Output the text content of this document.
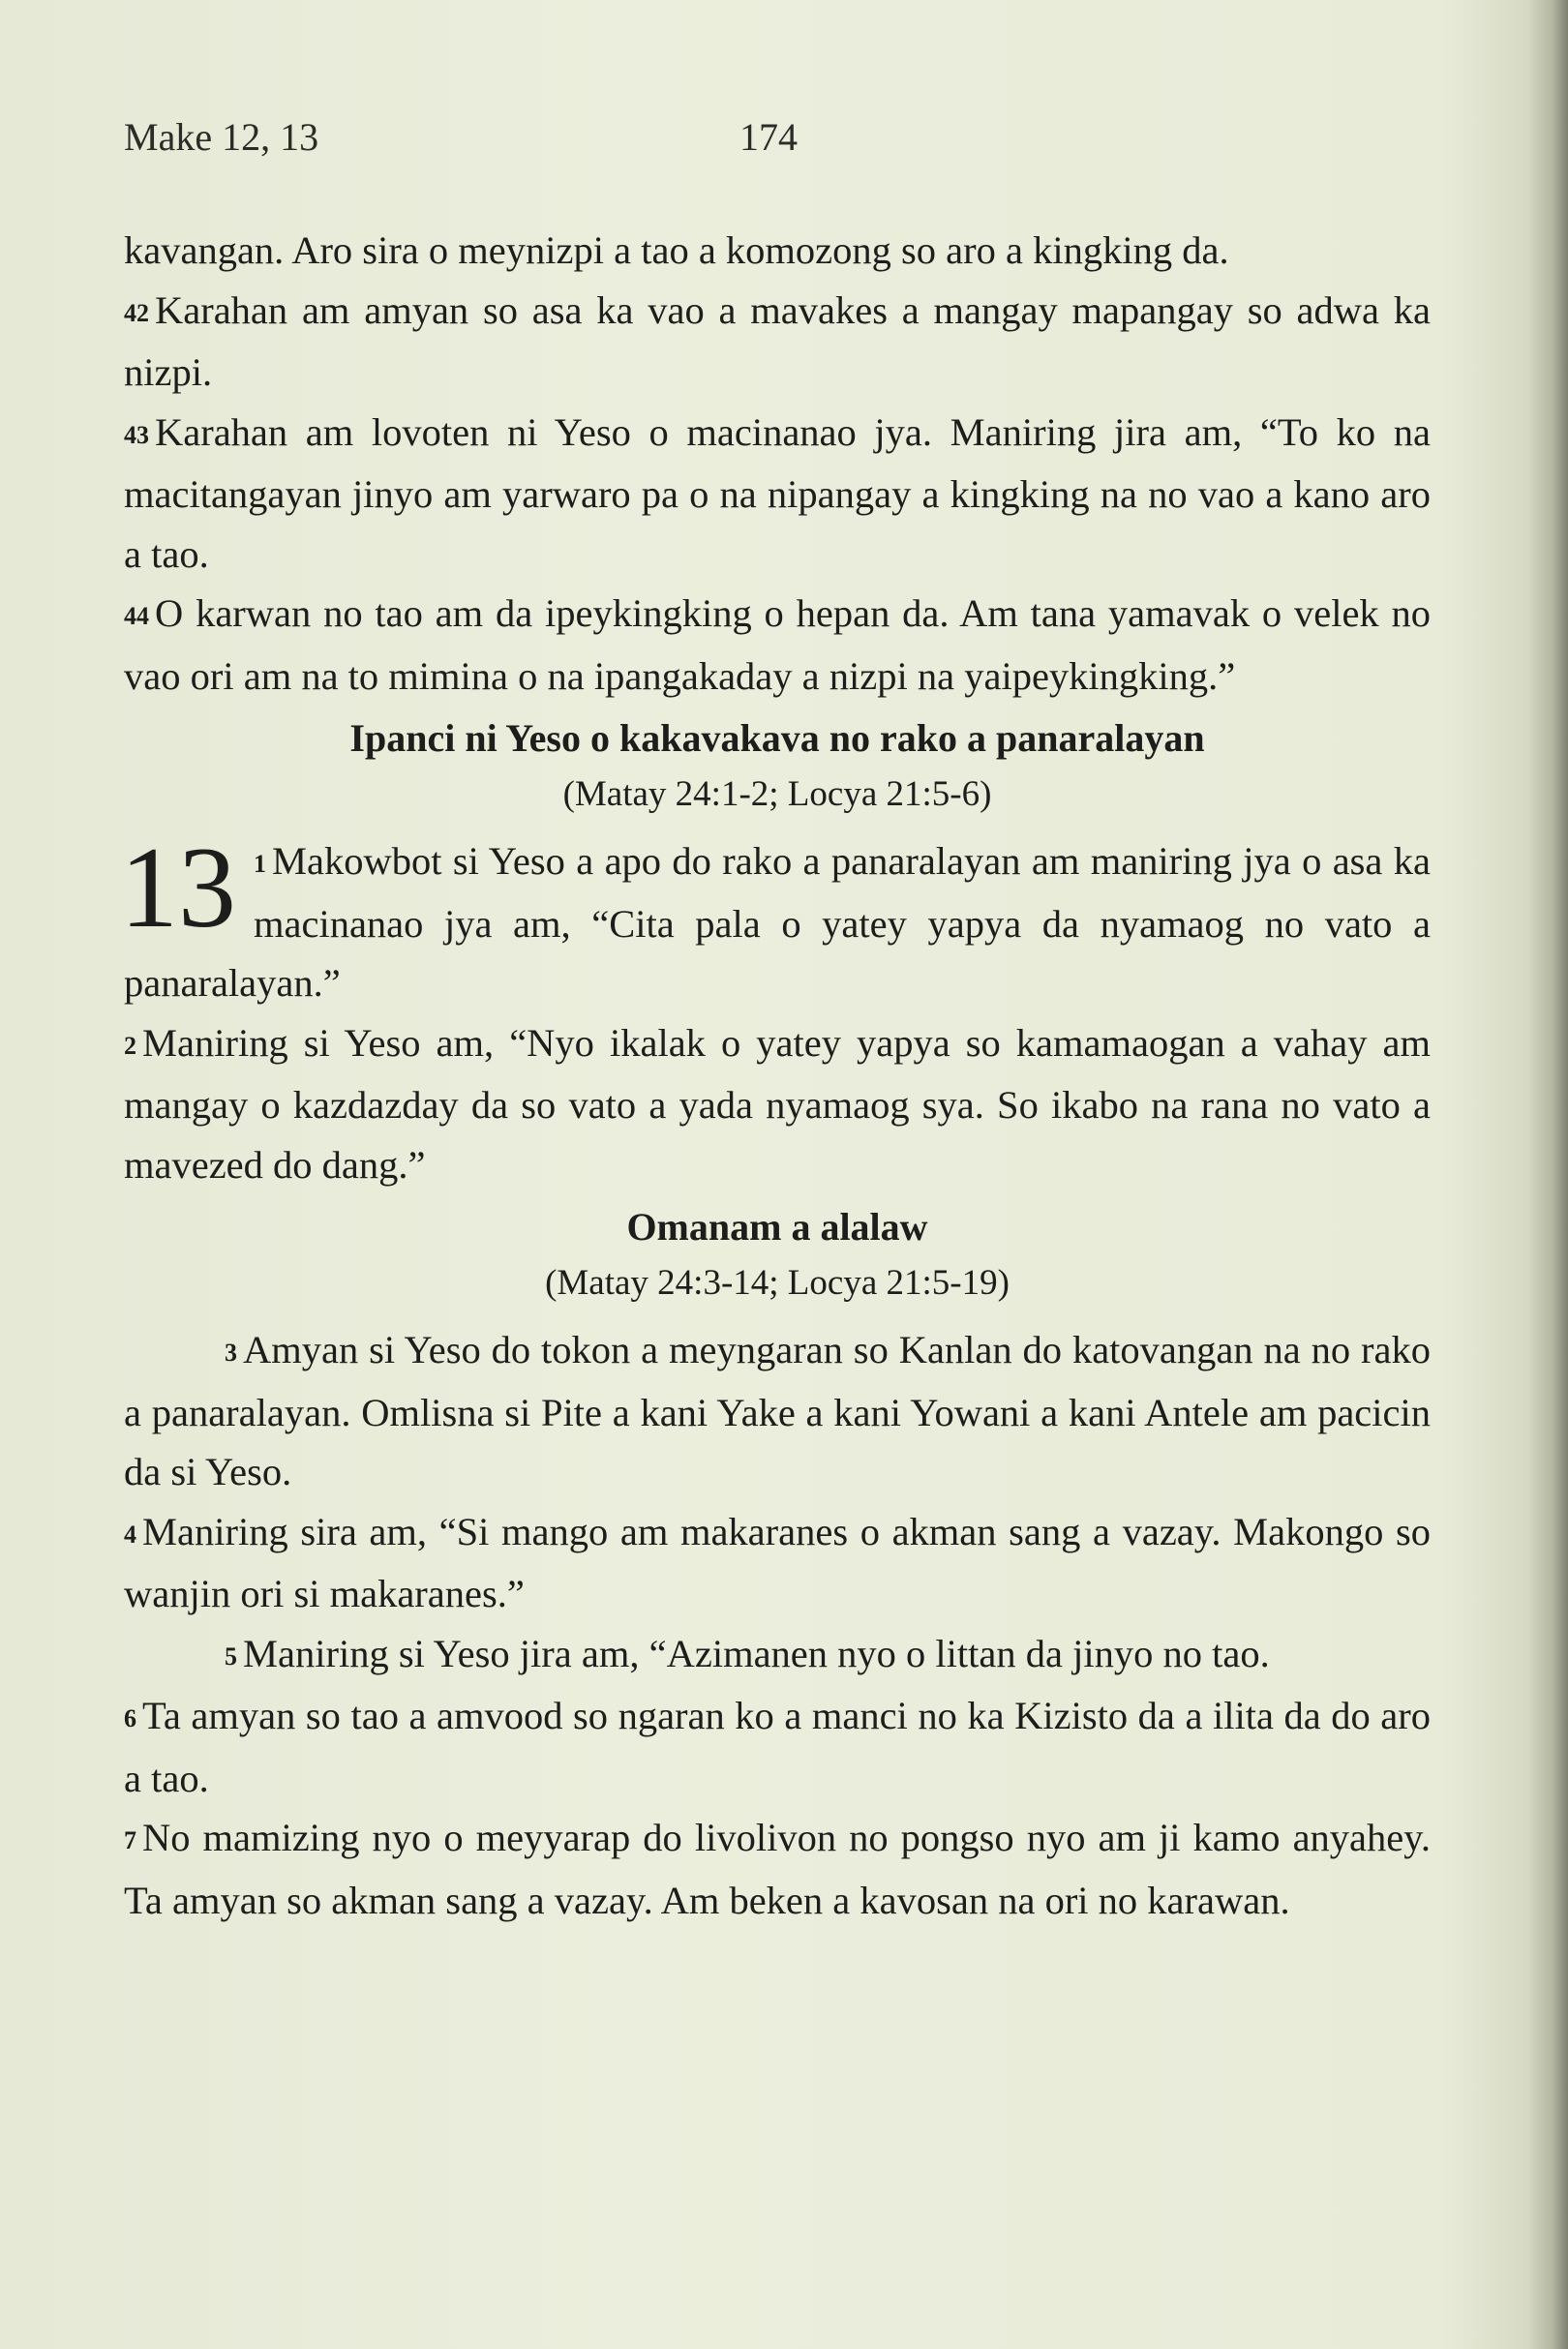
Make 12, 13	174

kavangan. Aro sira o meynizpi a tao a komozong so aro a kingking da.

42 Karahan am amyan so asa ka vao a mavakes a mangay mapangay so adwa ka nizpi.

43 Karahan am lovoten ni Yeso o macinanao jya. Maniring jira am, “To ko na macitangayan jinyo am yarwaro pa o na nipangay a kingking na no vao a kano aro a tao.

44 O karwan no tao am da ipeykingking o hepan da. Am tana yamavak o velek no vao ori am na to mimina o na ipangakaday a nizpi na yaipeykingking.”

Ipanci ni Yeso o kakavakava no rako a panaralayan
(Matay 24:1-2; Locya 21:5-6)
13 1 Makowbot si Yeso a apo do rako a panaralayan am maniring jya o asa ka macinanao jya am, “Cita pala o yatey yapya da nyamaog no vato a panaralayan.”

2 Maniring si Yeso am, “Nyo ikalak o yatey yapya so kamamaogan a vahay am mangay o kazdazday da so vato a yada nyamaog sya. So ikabo na rana no vato a mavezed do dang.”

Omanam a alalaw
(Matay 24:3-14; Locya 21:5-19)

3 Amyan si Yeso do tokon a meyngaran so Kanlan do katovangan na no rako a panaralayan. Omlisna si Pite a kani Yake a kani Yowani a kani Antele am pacicin da si Yeso.

4 Maniring sira am, “Si mango am makaranes o akman sang a vazay. Makongo so wanjin ori si makaranes.”

5 Maniring si Yeso jira am, “Azimanen nyo o littan da jinyo no tao.

6 Ta amyan so tao a amvood so ngaran ko a manci no ka Kizisto da a ilita da do aro a tao.

7 No mamizing nyo o meyyarap do livolivon no pongso nyo am ji kamo anyahey. Ta amyan so akman sang a vazay. Am beken a kavosan na ori no karawan.
